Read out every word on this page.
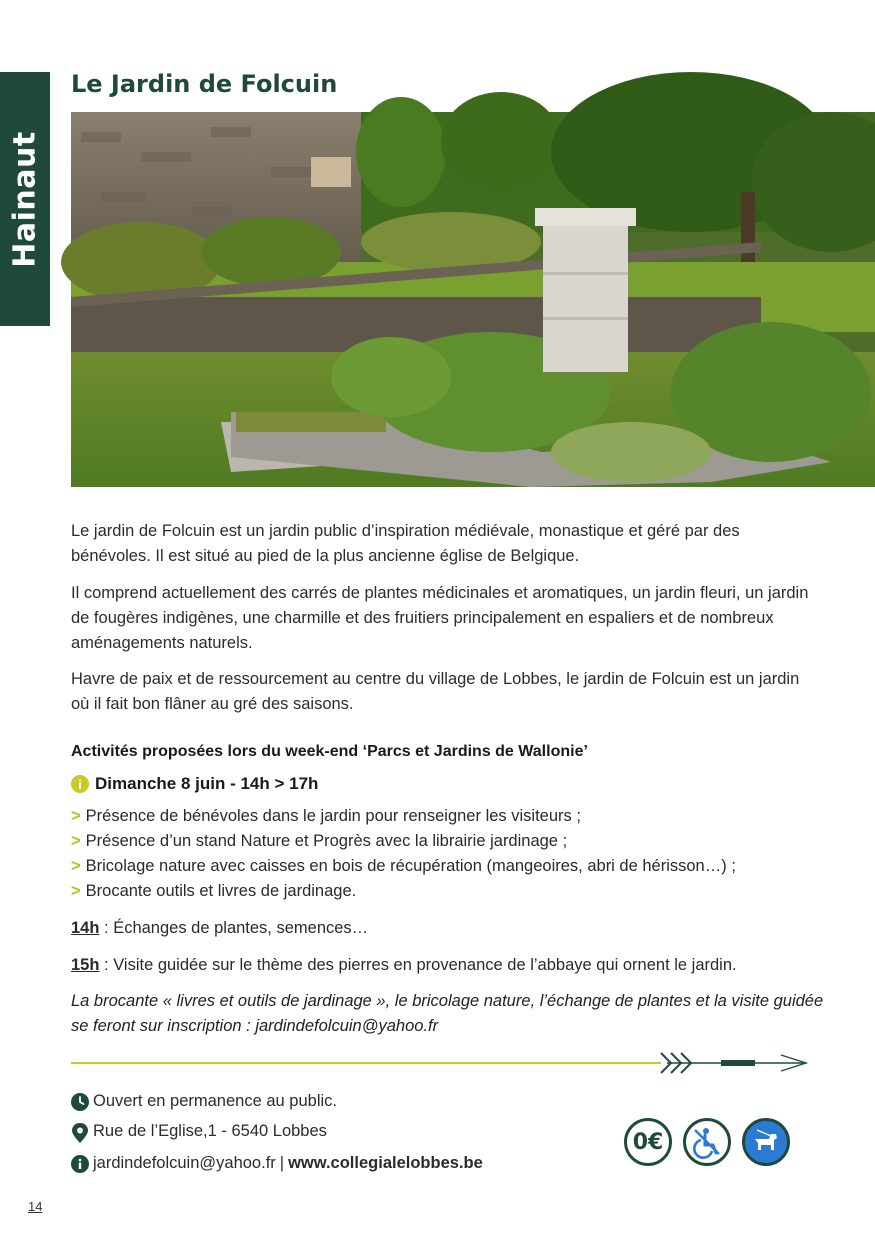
Hainaut
Le Jardin de Folcuin
© Gérard Hubert

Le jardin de Folcuin est un jardin public d’inspiration médiévale, monastique et géré par des bénévoles. Il est situé au pied de la plus ancienne église de Belgique.

Il comprend actuellement des carrés de plantes médicinales et aromatiques, un jardin fleuri, un jardin de fougères indigènes, une charmille et des fruitiers principalement en espaliers et de nombreux aménagements naturels.

Havre de paix et de ressourcement au centre du village de Lobbes, le jardin de Folcuin est un jardin où il fait bon flâner au gré des saisons.

Activités proposées lors du week-end ‘Parcs et Jardins de Wallonie’

i Dimanche 8 juin - 14h > 17h
> Présence de bénévoles dans le jardin pour renseigner les visiteurs ;
> Présence d’un stand Nature et Progrès avec la librairie jardinage ;
> Bricolage nature avec caisses en bois de récupération (mangeoires, abri de hérisson…) ;
> Brocante outils et livres de jardinage.
14h : Échanges de plantes, semences…
15h : Visite guidée sur le thème des pierres en provenance de l’abbaye qui ornent le jardin.

La brocante « livres et outils de jardinage », le bricolage nature, l’échange de plantes et la visite guidée se feront sur inscription : jardindefolcuin@yahoo.fr

Ouvert en permanence au public.
Rue de l’Eglise,1 - 6540 Lobbes
jardindefolcuin@yahoo.fr | www.collegialelobbes.be
0€
14
